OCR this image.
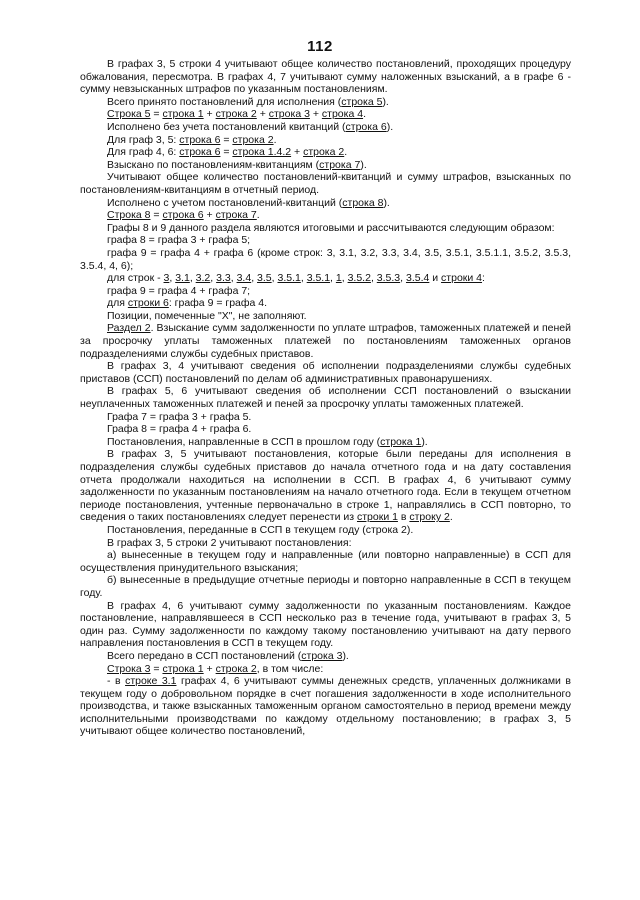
112

В графах 3, 5 строки 4 учитывают общее количество постановлений, проходящих процедуру обжалования, пересмотра. В графах 4, 7 учитывают сумму наложенных взысканий, а в графе 6 - сумму невзысканных штрафов по указанным постановлениям.

Всего принято постановлений для исполнения (строка 5).

Строка 5 = строка 1 + строка 2 + строка 3 + строка 4.

Исполнено без учета постановлений квитанций (строка 6).

Для граф 3, 5: строка 6 = строка 2.

Для граф 4, 6: строка 6 = строка 1.4.2 + строка 2.

Взыскано по постановлениям-квитанциям (строка 7).

Учитывают общее количество постановлений-квитанций и сумму штрафов, взысканных по постановлениям-квитанциям в отчетный период.

Исполнено с учетом постановлений-квитанций (строка 8).

Строка 8 = строка 6 + строка 7.

Графы 8 и 9 данного раздела являются итоговыми и рассчитываются следующим образом:

графа 8 = графа 3 + графа 5;

графа 9 = графа 4 + графа 6 (кроме строк: 3, 3.1, 3.2, 3.3, 3.4, 3.5, 3.5.1, 3.5.1.1, 3.5.2, 3.5.3, 3.5.4, 4, 6);

для строк - 3, 3.1, 3.2, 3.3, 3.4, 3.5, 3.5.1, 3.5.1, 1, 3.5.2, 3.5.3, 3.5.4 и строки 4:

графа 9 = графа 4 + графа 7;

для строки 6: графа 9 = графа 4.

Позиции, помеченные "X", не заполняют.

Раздел 2. Взыскание сумм задолженности по уплате штрафов, таможенных платежей и пеней за просрочку уплаты таможенных платежей по постановлениям таможенных органов подразделениями службы судебных приставов.

В графах 3, 4 учитывают сведения об исполнении подразделениями службы судебных приставов (ССП) постановлений по делам об административных правонарушениях.

В графах 5, 6 учитывают сведения об исполнении ССП постановлений о взыскании неуплаченных таможенных платежей и пеней за просрочку уплаты таможенных платежей.

Графа 7 = графа 3 + графа 5.

Графа 8 = графа 4 + графа 6.

Постановления, направленные в ССП в прошлом году (строка 1).

В графах 3, 5 учитывают постановления, которые были переданы для исполнения в подразделения службы судебных приставов до начала отчетного года и на дату составления отчета продолжали находиться на исполнении в ССП. В графах 4, 6 учитывают сумму задолженности по указанным постановлениям на начало отчетного года. Если в текущем отчетном периоде постановления, учтенные первоначально в строке 1, направлялись в ССП повторно, то сведения о таких постановлениях следует перенести из строки 1 в строку 2.

Постановления, переданные в ССП в текущем году (строка 2).

В графах 3, 5 строки 2 учитывают постановления:

а) вынесенные в текущем году и направленные (или повторно направленные) в ССП для осуществления принудительного взыскания;

б) вынесенные в предыдущие отчетные периоды и повторно направленные в ССП в текущем году.

В графах 4, 6 учитывают сумму задолженности по указанным постановлениям. Каждое постановление, направлявшееся в ССП несколько раз в течение года, учитывают в графах 3, 5 один раз. Сумму задолженности по каждому такому постановлению учитывают на дату первого направления постановления в ССП в текущем году.

Всего передано в ССП постановлений (строка 3).

Строка 3 = строка 1 + строка 2, в том числе:

- в строке 3.1 графах 4, 6 учитывают суммы денежных средств, уплаченных должниками в текущем году о добровольном порядке в счет погашения задолженности в ходе исполнительного производства, и также взысканных таможенным органом самостоятельно в период времени между исполнительными производствами по каждому отдельному постановлению; в графах 3, 5 учитывают общее количество постановлений,
